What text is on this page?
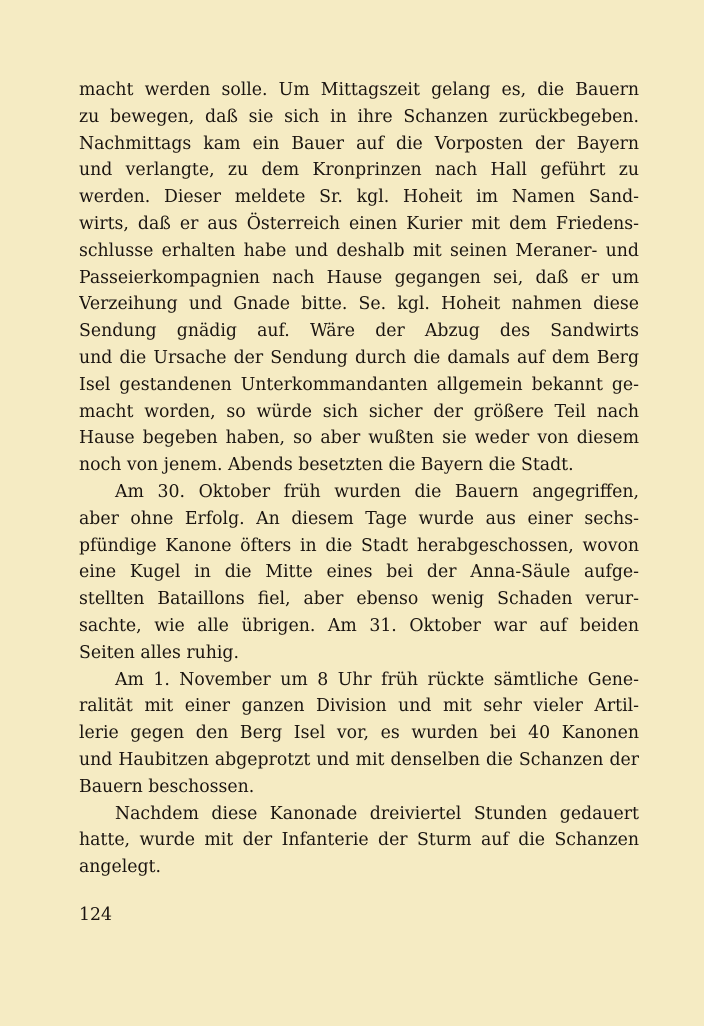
macht werden solle. Um Mittagszeit gelang es, die Bauern
zu bewegen, daß sie sich in ihre Schanzen zurückbegeben.
Nachmittags kam ein Bauer auf die Vorposten der Bayern
und verlangte, zu dem Kronprinzen nach Hall geführt zu
werden. Dieser meldete Sr. kgl. Hoheit im Namen Sand-
wirts, daß er aus Österreich einen Kurier mit dem Friedens-
schlusse erhalten habe und deshalb mit seinen Meraner- und
Passeierkompagnien nach Hause gegangen sei, daß er um
Verzeihung und Gnade bitte. Se. kgl. Hoheit nahmen diese
Sendung gnädig auf. Wäre der Abzug des Sandwirts
und die Ursache der Sendung durch die damals auf dem Berg
Isel gestandenen Unterkommandanten allgemein bekannt ge-
macht worden, so würde sich sicher der größere Teil nach
Hause begeben haben, so aber wußten sie weder von diesem
noch von jenem. Abends besetzten die Bayern die Stadt.
Am 30. Oktober früh wurden die Bauern angegriffen,
aber ohne Erfolg. An diesem Tage wurde aus einer sechs-
pfündige Kanone öfters in die Stadt herabgeschossen, wovon
eine Kugel in die Mitte eines bei der Anna-Säule aufge-
stellten Bataillons fiel, aber ebenso wenig Schaden verur-
sachte, wie alle übrigen. Am 31. Oktober war auf beiden
Seiten alles ruhig.
Am 1. November um 8 Uhr früh rückte sämtliche Gene-
ralität mit einer ganzen Division und mit sehr vieler Artil-
lerie gegen den Berg Isel vor, es wurden bei 40 Kanonen
und Haubitzen abgeprotzt und mit denselben die Schanzen der
Bauern beschossen.
Nachdem diese Kanonade dreiviertel Stunden gedauert
hatte, wurde mit der Infanterie der Sturm auf die Schanzen
angelegt.
124
